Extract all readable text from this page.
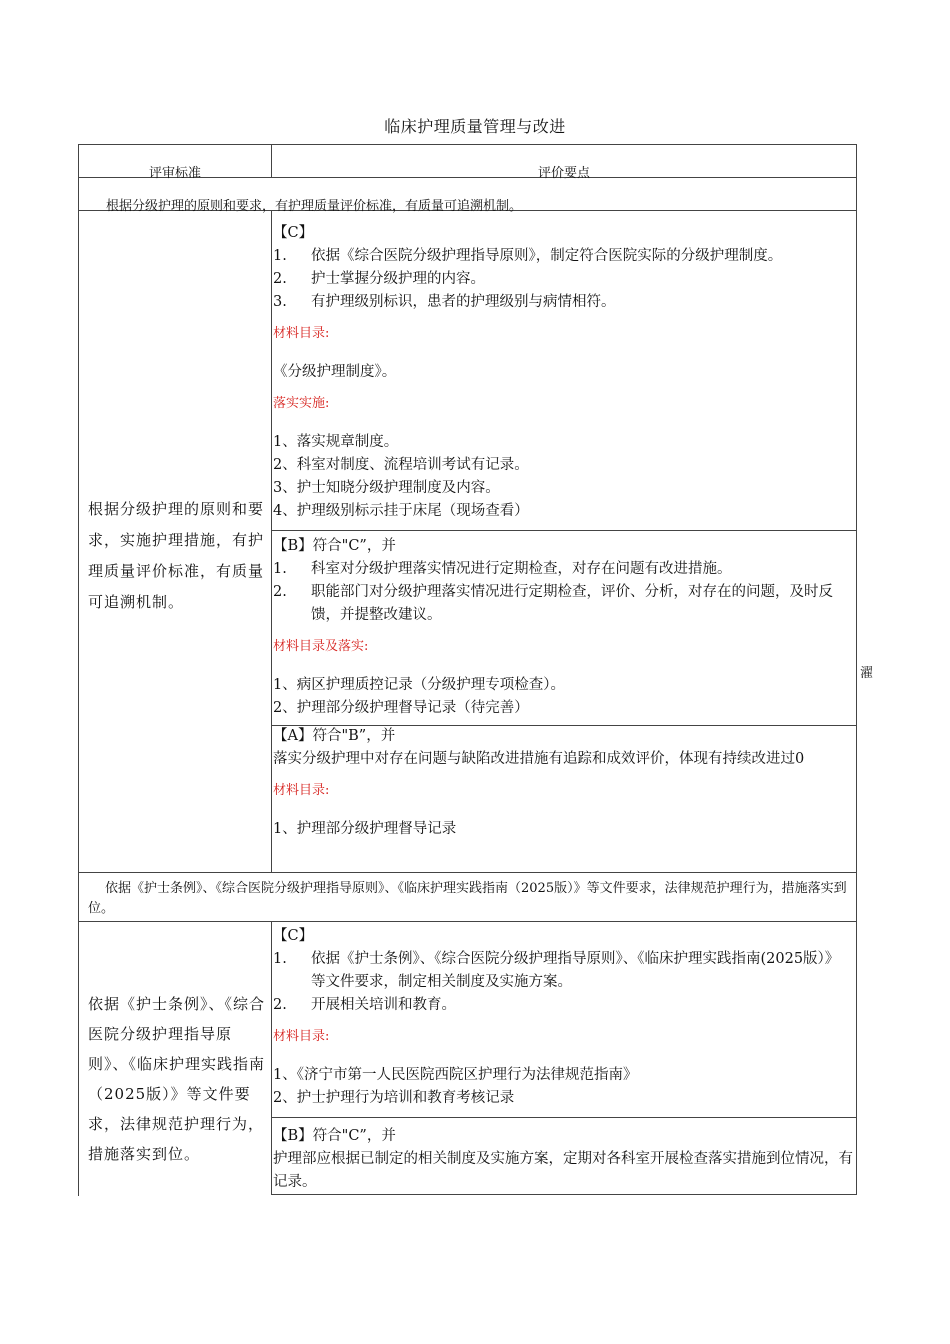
临床护理质量管理与改进
评审标准	评价要点
根据分级护理的原则和要求，有护理质量评价标准，有质量可追溯机制。
根据分级护理的原则和要求，实施护理措施，有护理质量评价标准，有质量可追溯机制。
【C】
1.	依据《综合医院分级护理指导原则》，制定符合医院实际的分级护理制度。
2.	护士掌握分级护理的内容。
3.	有护理级别标识，患者的护理级别与病情相符。
材料目录:
《分级护理制度》。
落实实施:
1、落实规章制度。
2、科室对制度、流程培训考试有记录。
3、护士知晓分级护理制度及内容。
4、护理级别标示挂于床尾（现场查看）
【B】符合"C”，并
1.	科室对分级护理落实情况进行定期检查，对存在问题有改进措施。
2.	职能部门对分级护理落实情况进行定期检查，评价、分析，对存在的问题，及时反馈，并提整改建议。
材料目录及落实:
1、病区护理质控记录（分级护理专项检查）。
2、护理部分级护理督导记录（待完善）
【A】符合"B”，并
落实分级护理中对存在问题与缺陷改进措施有追踪和成效评价，体现有持续改进过0
材料目录:
1、护理部分级护理督导记录
依据《护士条例》、《综合医院分级护理指导原则》、《临床护理实践指南（2025版）》等文件要求，法律规范护理行为，措施落实到位。
依据《护士条例》、《综合医院分级护理指导原则》、《临床护理实践指南（2025版）》等文件要求，法律规范护理行为，措施落实到位。
【C】
1.	依据《护士条例》、《综合医院分级护理指导原则》、《临床护理实践指南(2025版）》等文件要求，制定相关制度及实施方案。
2.	开展相关培训和教育。
材料目录:
1、《济宁市第一人民医院西院区护理行为法律规范指南》
2、护士护理行为培训和教育考核记录
【B】符合"C”，并
护理部应根据已制定的相关制度及实施方案，定期对各科室开展检查落实措施到位情况，有记录。
濯
